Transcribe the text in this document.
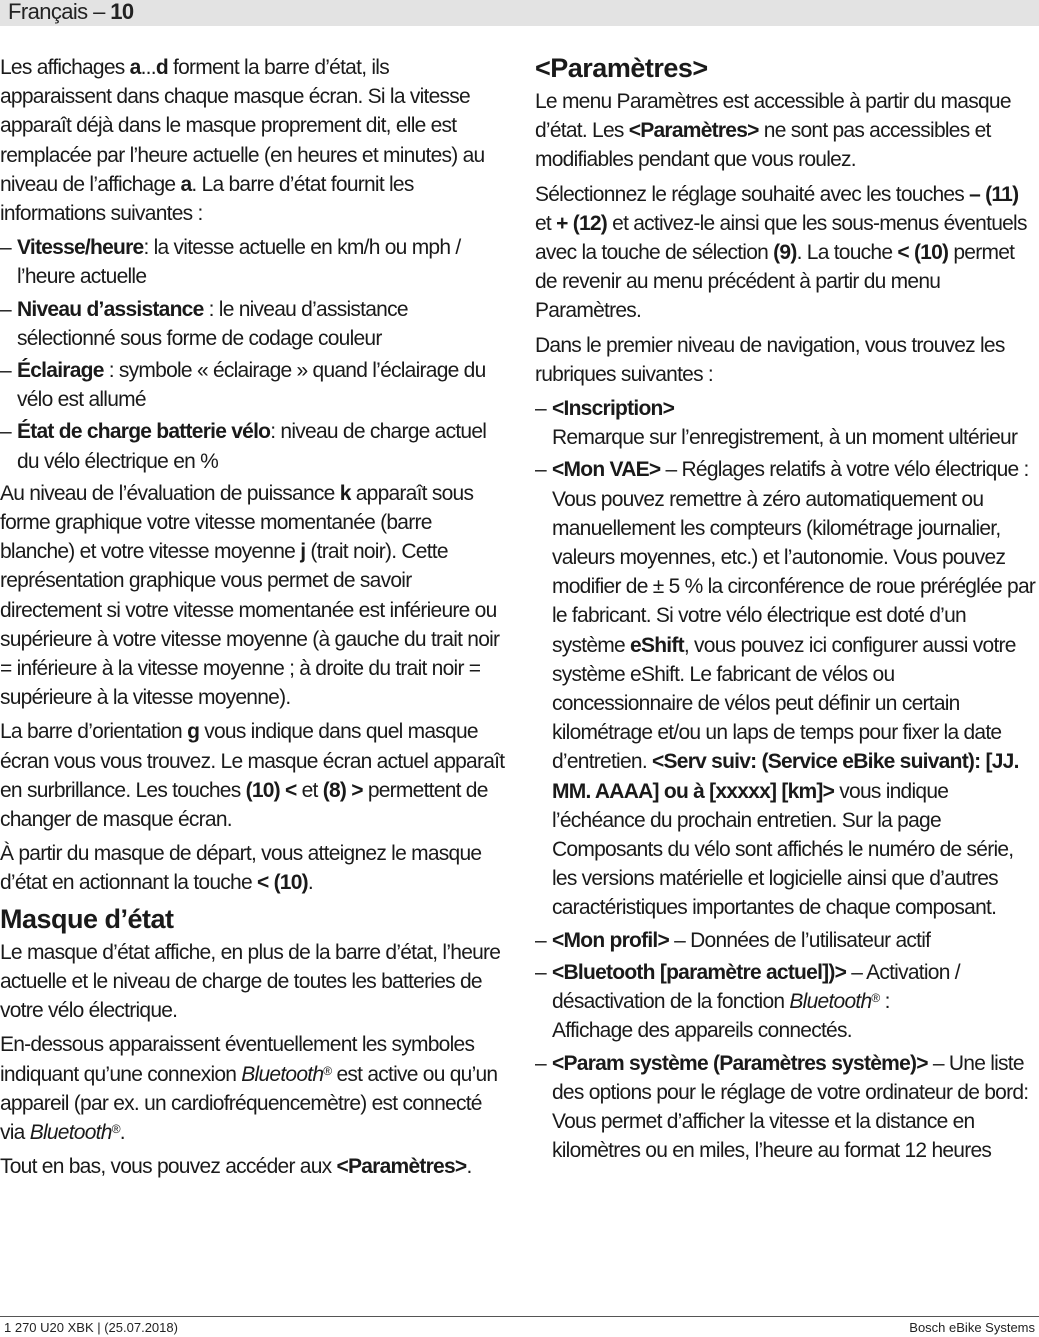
Français – 10

Les affichages a...d forment la barre d’état, ils apparaissent dans chaque masque écran. Si la vitesse apparaît déjà dans le masque proprement dit, elle est remplacée par l’heure actuelle (en heures et minutes) au niveau de l’affichage a. La barre d’état fournit les informations suivantes :

– Vitesse/heure: la vitesse actuelle en km/h ou mph / l’heure actuelle
– Niveau d’assistance : le niveau d’assistance sélectionné sous forme de codage couleur
– Éclairage : symbole « éclairage » quand l’éclairage du vélo est allumé
– État de charge batterie vélo: niveau de charge actuel du vélo électrique en %

Au niveau de l’évaluation de puissance k apparaît sous forme graphique votre vitesse momentanée (barre blanche) et votre vitesse moyenne j (trait noir). Cette représentation graphique vous permet de savoir directement si votre vitesse momentanée est inférieure ou supérieure à votre vitesse moyenne (à gauche du trait noir = inférieure à la vitesse moyenne ; à droite du trait noir = supérieure à la vitesse moyenne).

La barre d’orientation g vous indique dans quel masque écran vous vous trouvez. Le masque écran actuel apparaît en surbrillance. Les touches (10) < et (8) > permettent de changer de masque écran.

À partir du masque de départ, vous atteignez le masque d’état en actionnant la touche < (10).

Masque d’état

Le masque d’état affiche, en plus de la barre d’état, l’heure actuelle et le niveau de charge de toutes les batteries de votre vélo électrique.

En-dessous apparaissent éventuellement les symboles indiquant qu’une connexion Bluetooth® est active ou qu’un appareil (par ex. un cardiofréquencemètre) est connecté via Bluetooth®.

Tout en bas, vous pouvez accéder aux <Paramètres>.

<Paramètres>

Le menu Paramètres est accessible à partir du masque d’état. Les <Paramètres> ne sont pas accessibles et modifiables pendant que vous roulez.

Sélectionnez le réglage souhaité avec les touches – (11) et + (12) et activez-le ainsi que les sous-menus éventuels avec la touche de sélection (9). La touche < (10) permet de revenir au menu précédent à partir du menu Paramètres.

Dans le premier niveau de navigation, vous trouvez les rubriques suivantes :

– <Inscription>
Remarque sur l’enregistrement, à un moment ultérieur
– <Mon VAE> – Réglages relatifs à votre vélo électrique :
Vous pouvez remettre à zéro automatiquement ou manuellement les compteurs (kilométrage journalier, valeurs moyennes, etc.) et l’autonomie. Vous pouvez modifier de ± 5 % la circonférence de roue préréglée par le fabricant. Si votre vélo électrique est doté d’un système eShift, vous pouvez ici configurer aussi votre système eShift. Le fabricant de vélos ou concessionnaire de vélos peut définir un certain kilométrage et/ou un laps de temps pour fixer la date d’entretien. <Serv suiv: (Service eBike suivant): [JJ. MM. AAAA] ou à [xxxxx] [km]> vous indique l’échéance du prochain entretien. Sur la page Composants du vélo sont affichés le numéro de série, les versions matérielle et logicielle ainsi que d’autres caractéristiques importantes de chaque composant.
– <Mon profil> – Données de l’utilisateur actif
– <Bluetooth [paramètre actuel])> – Activation / désactivation de la fonction Bluetooth® :
Affichage des appareils connectés.
– <Param système (Paramètres système)> – Une liste des options pour le réglage de votre ordinateur de bord:
Vous permet d’afficher la vitesse et la distance en kilomètres ou en miles, l’heure au format 12 heures
1 270 U20 XBK | (25.07.2018)	Bosch eBike Systems
